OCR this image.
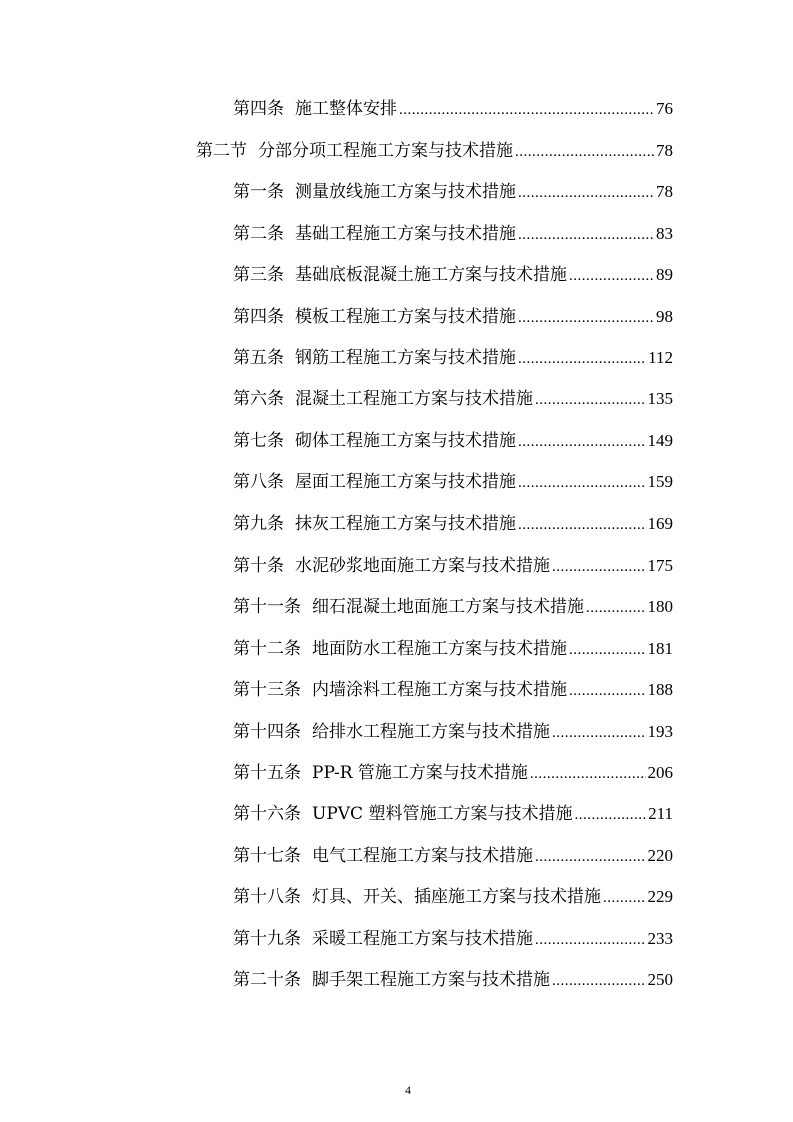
第四条 施工整体安排 .....	76
第二节 分部分项工程施工方案与技术措施 .....	78
第一条 测量放线施工方案与技术措施 .....	78
第二条 基础工程施工方案与技术措施 .....	83
第三条 基础底板混凝土施工方案与技术措施 .....	89
第四条 模板工程施工方案与技术措施 .....	98
第五条 钢筋工程施工方案与技术措施 .....	112
第六条 混凝土工程施工方案与技术措施 .....	135
第七条 砌体工程施工方案与技术措施 .....	149
第八条 屋面工程施工方案与技术措施 .....	159
第九条 抹灰工程施工方案与技术措施 .....	169
第十条 水泥砂浆地面施工方案与技术措施 .....	175
第十一条 细石混凝土地面施工方案与技术措施 .....	180
第十二条 地面防水工程施工方案与技术措施 .....	181
第十三条 内墙涂料工程施工方案与技术措施 .....	188
第十四条 给排水工程施工方案与技术措施 .....	193
第十五条 PP-R 管施工方案与技术措施 .....	206
第十六条 UPVC 塑料管施工方案与技术措施 .....	211
第十七条 电气工程施工方案与技术措施 .....	220
第十八条 灯具、开关、插座施工方案与技术措施 .....	229
第十九条 采暖工程施工方案与技术措施 .....	233
第二十条 脚手架工程施工方案与技术措施 .....	250
4
